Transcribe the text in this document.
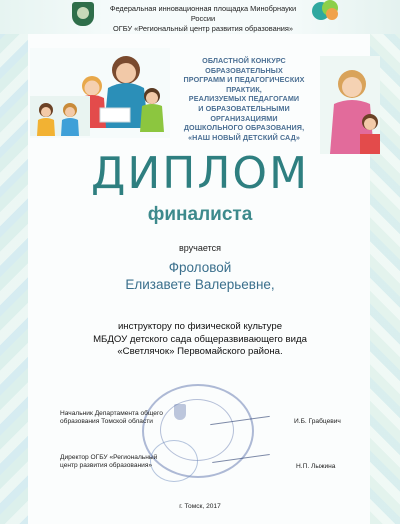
Федеральная инновационная площадка Минобрнауки России
ОГБУ «Региональный центр развития образования»
ОБЛАСТНОЙ КОНКУРС ОБРАЗОВАТЕЛЬНЫХ
ПРОГРАММ И ПЕДАГОГИЧЕСКИХ ПРАКТИК,
РЕАЛИЗУЕМЫХ ПЕДАГОГАМИ
И ОБРАЗОВАТЕЛЬНЫМИ ОРГАНИЗАЦИЯМИ
ДОШКОЛЬНОГО ОБРАЗОВАНИЯ,
«НАШ НОВЫЙ ДЕТСКИЙ САД»
ДИПЛОМ
финалиста
вручается
Фроловой
Елизавете Валерьевне,
инструктору по физической культуре
МБДОУ детского сада общеразвивающего вида
«Светлячок» Первомайского района.
Начальник Департамента общего
образования Томской области	И.Б. Грабцевич
Директор ОГБУ «Региональный
центр развития образования»	Н.П. Лыжина
г. Томск, 2017
